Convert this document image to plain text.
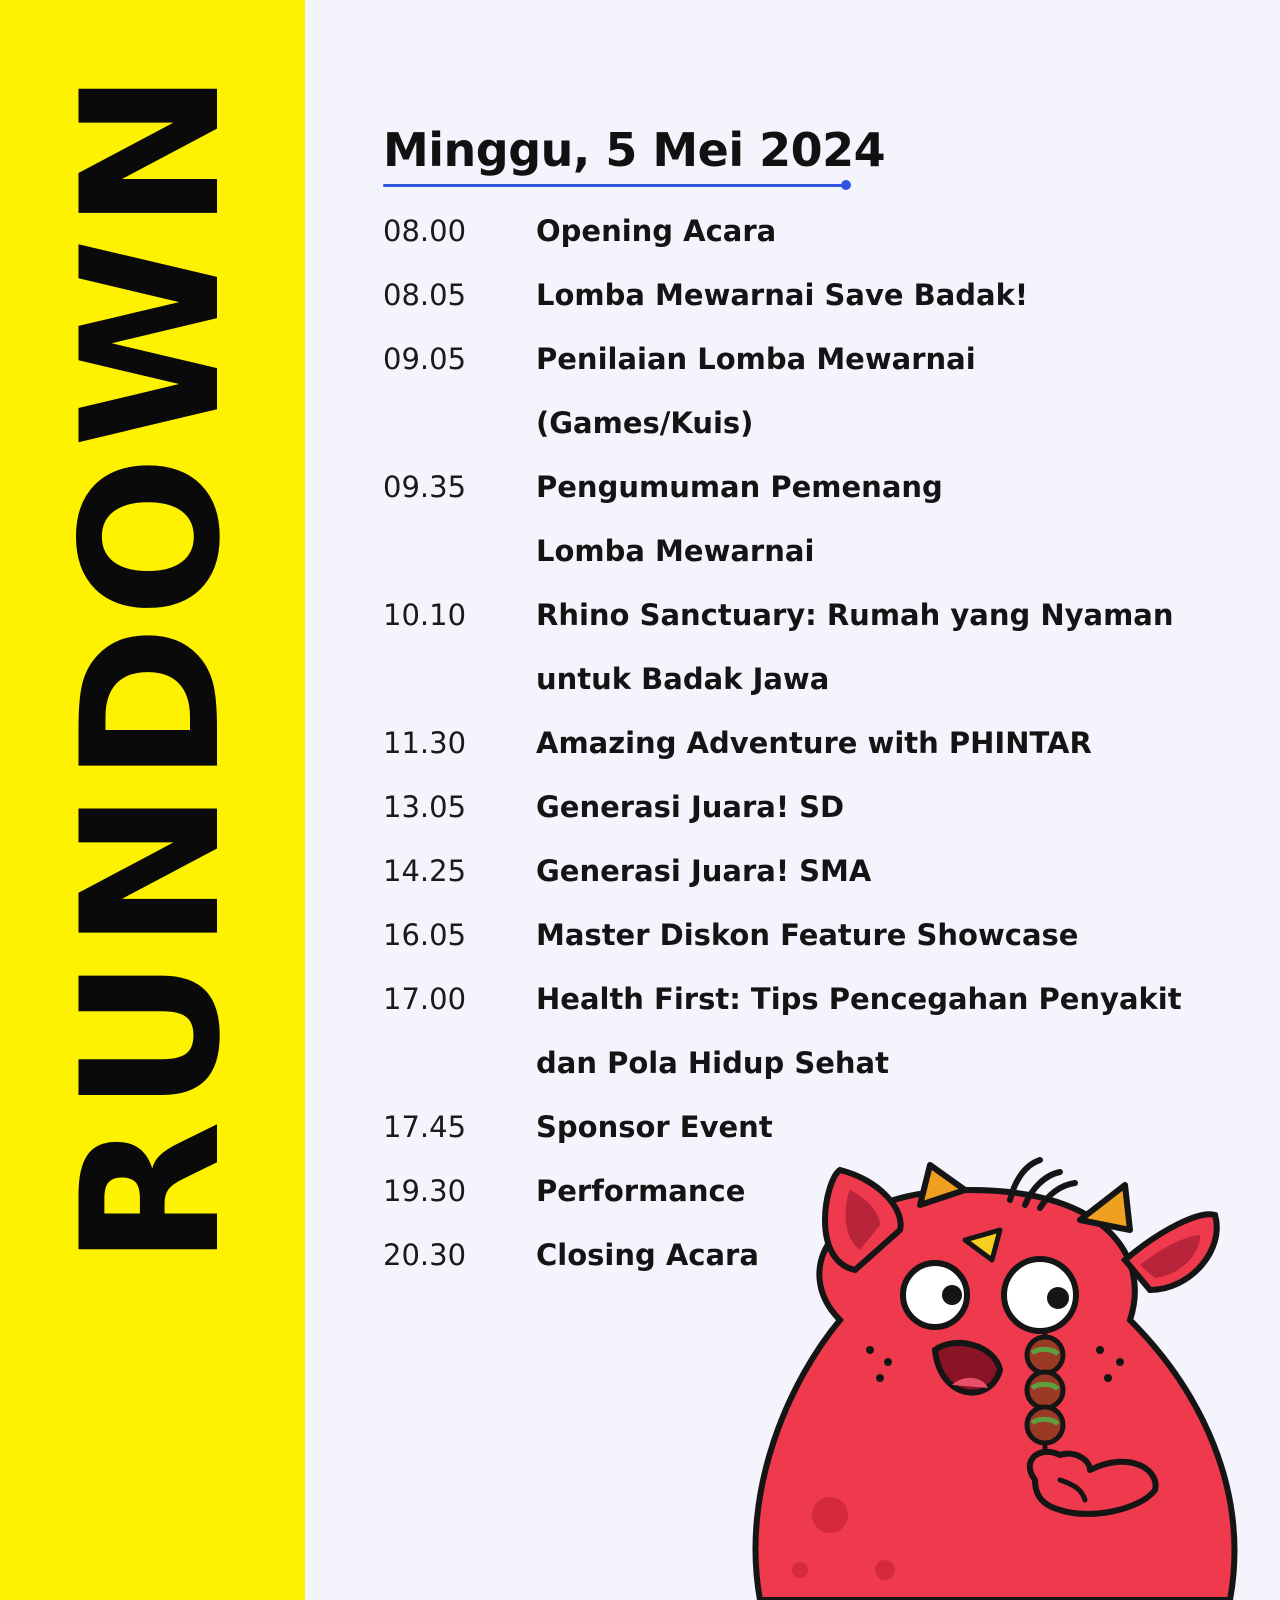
RUNDOWN	Minggu, 5 Mei 2024
08.00	Opening Acara
08.05	Lomba Mewarnai Save Badak!
09.05	Penilaian Lomba Mewarnai (Games/Kuis)
09.35	Pengumuman Pemenang Lomba Mewarnai
10.10	Rhino Sanctuary: Rumah yang Nyaman untuk Badak Jawa
11.30	Amazing Adventure with PHINTAR
13.05	Generasi Juara! SD
14.25	Generasi Juara! SMA
16.05	Master Diskon Feature Showcase
17.00	Health First: Tips Pencegahan Penyakit dan Pola Hidup Sehat
17.45	Sponsor Event
19.30	Performance
20.30	Closing Acara
